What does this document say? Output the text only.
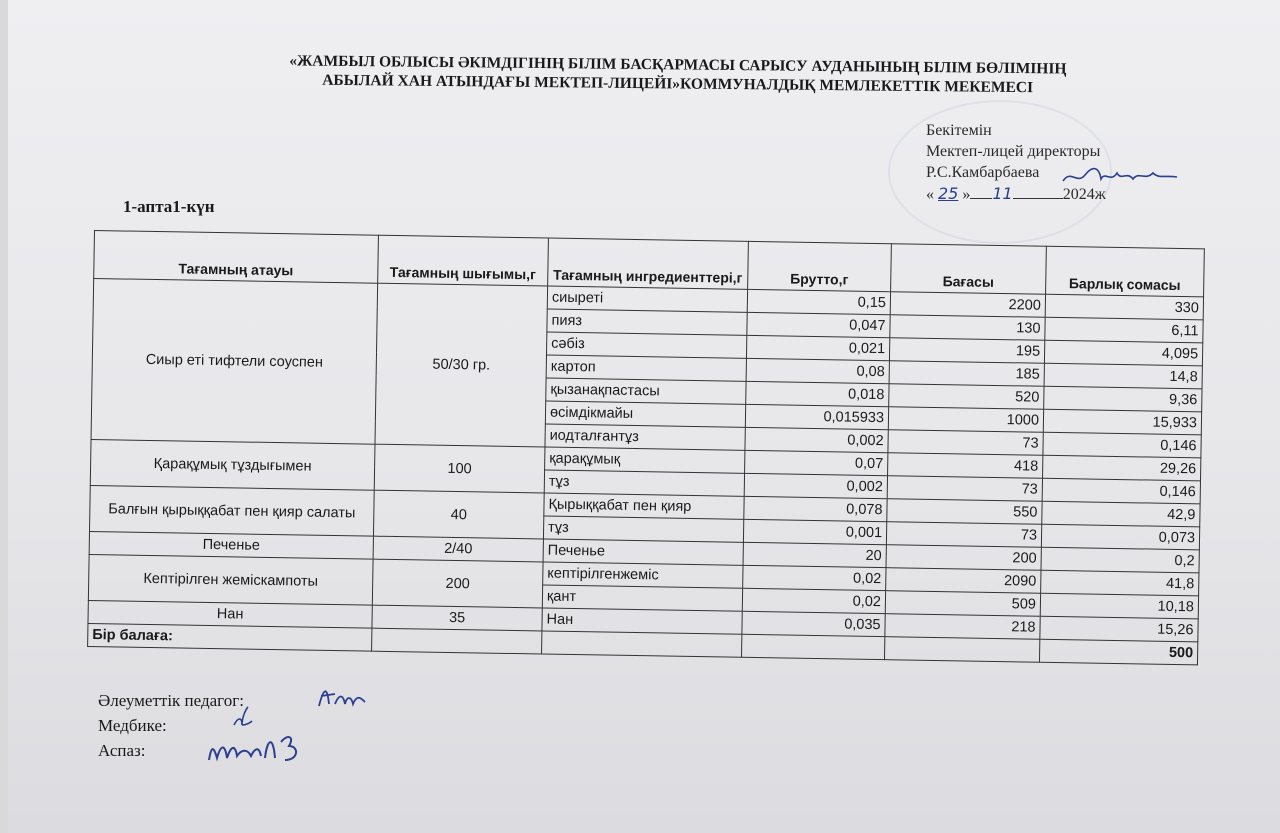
«ЖАМБЫЛ ОБЛЫСЫ ӘКІМДІГІНІҢ БІЛІМ БАСҚАРМАСЫ САРЫСУ АУДАНЫНЫҢ БІЛІМ БӨЛІМІНІҢ
АБЫЛАЙ ХАН АТЫНДАҒЫ МЕКТЕП-ЛИЦЕЙІ»КОММУНАЛДЫҚ МЕМЛЕКЕТТІК МЕКЕМЕСІ
Бекітемін
Мектеп-лицей директоры
Р.С.Камбарбаева
« 25 » 11	2024ж
1-апта1-күн
Тағамның атауы	Тағамның шығымы,г	Тағамның ингредиенттері,г	Брутто,г	Бағасы	Барлық сомасы
Сиыр еті тифтели соуспен	50/30 гр.	сиыреті	0,15	2200	330
		пияз	0,047	130	6,11
		сәбіз	0,021	195	4,095
		картоп	0,08	185	14,8
		қызанақпастасы	0,018	520	9,36
		өсімдікмайы	0,015933	1000	15,933
		иодталғантұз	0,002	73	0,146
Қарақұмық тұздығымен	100	қарақұмық	0,07	418	29,26
		тұз	0,002	73	0,146
Балғын қырыққабат пен қияр салаты	40	Қырыққабат пен қияр	0,078	550	42,9
		тұз	0,001	73	0,073
Печенье	2/40	Печенье	20	200	0,2
Кептірілген жемiскампоты	200	кептірілгенжеміс	0,02	2090	41,8
		қант	0,02	509	10,18
Нан	35	Нан	0,035	218	15,26
Бір балаға:					500
Әлеуметтік педагог:
Медбике:
Аспаз:
